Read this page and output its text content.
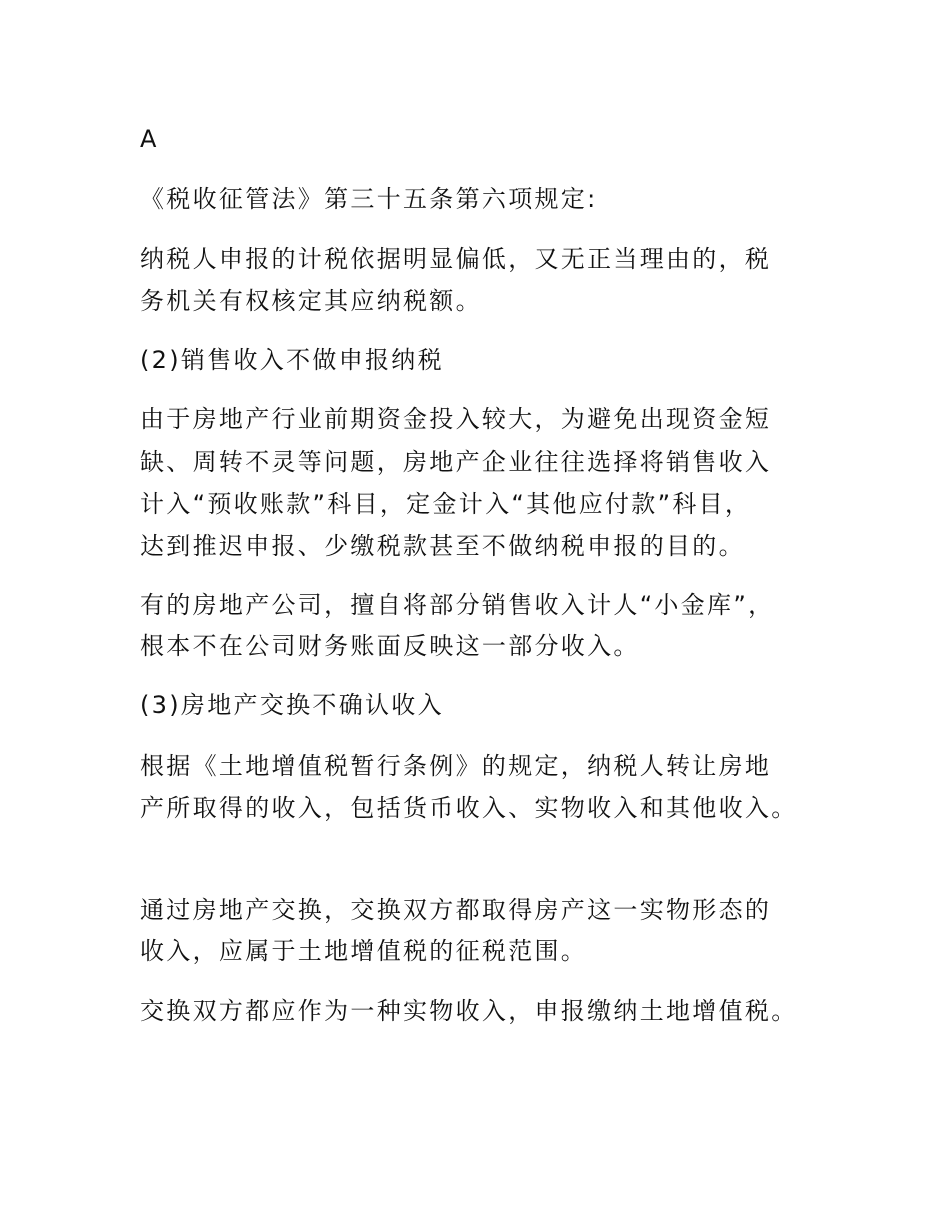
A
《税收征管法》第三十五条第六项规定:
纳税人申报的计税依据明显偏低，又无正当理由的，税
务机关有权核定其应纳税额。
(2)销售收入不做申报纳税
由于房地产行业前期资金投入较大，为避免出现资金短
缺、周转不灵等问题，房地产企业往往选择将销售收入
计入“预收账款”科目，定金计入“其他应付款”科目，
达到推迟申报、少缴税款甚至不做纳税申报的目的。
有的房地产公司，擅自将部分销售收入计人“小金库”，
根本不在公司财务账面反映这一部分收入。
(3)房地产交换不确认收入
根据《土地增值税暂行条例》的规定，纳税人转让房地
产所取得的收入，包括货币收入、实物收入和其他收入。
通过房地产交换，交换双方都取得房产这一实物形态的
收入，应属于土地增值税的征税范围。
交换双方都应作为一种实物收入，申报缴纳土地增值税。
